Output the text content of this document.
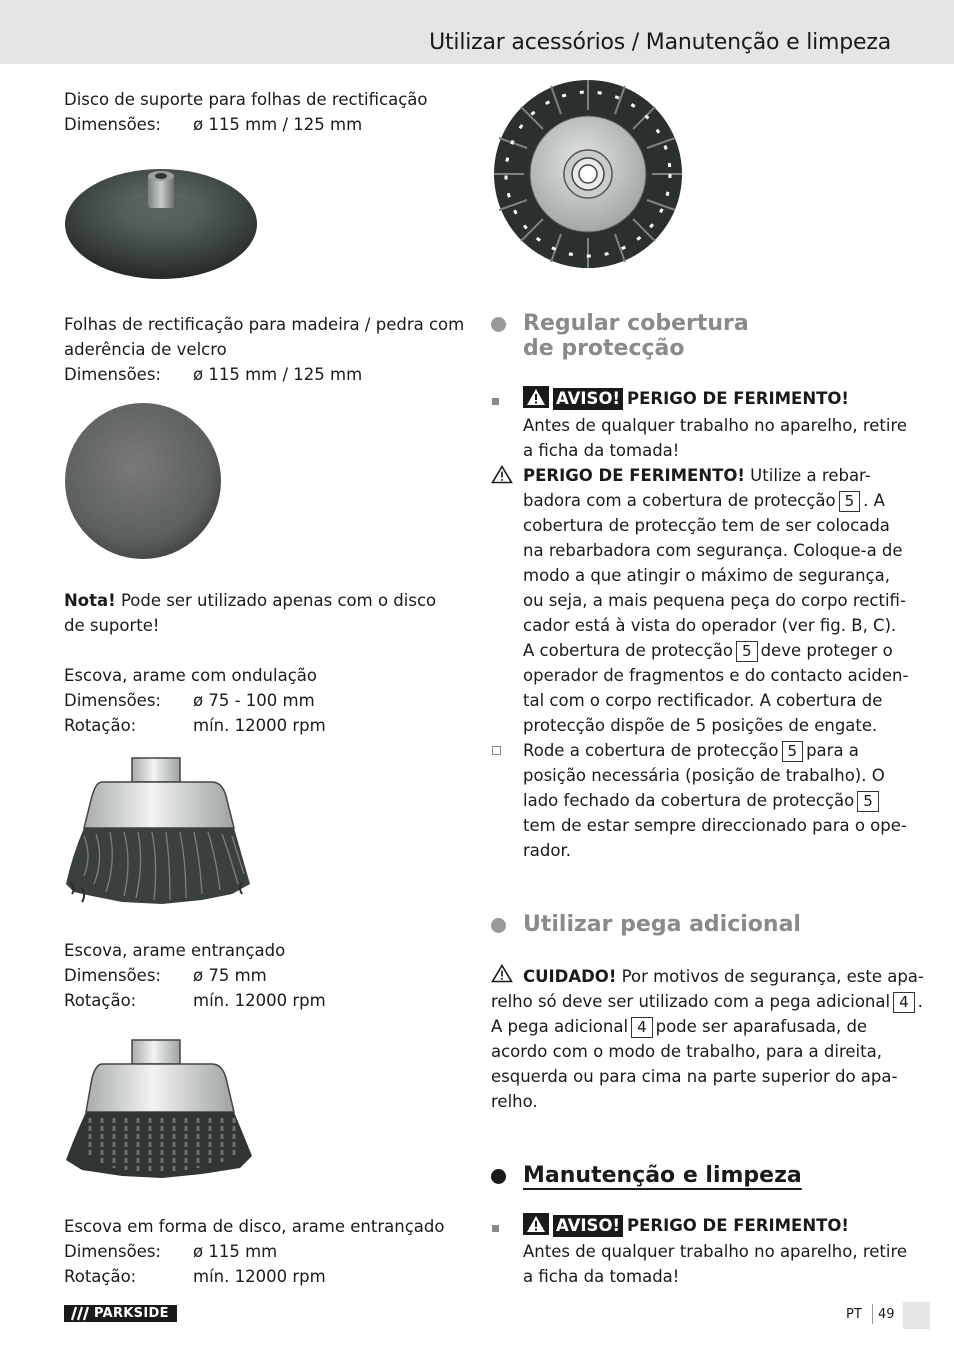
Utilizar acessórios / Manutenção e limpeza
Disco de suporte para folhas de rectificação
Dimensões: ø 115 mm / 125 mm
Folhas de rectificação para madeira / pedra com
aderência de velcro
Dimensões: ø 115 mm / 125 mm
Nota! Pode ser utilizado apenas com o disco
de suporte!
Escova, arame com ondulação
Dimensões: ø 75 - 100 mm
Rotação:	mín. 12000 rpm
Escova, arame entrançado
Dimensões: ø 75 mm
Rotação:	mín. 12000 rpm
Escova em forma de disco, arame entrançado
Dimensões: ø 115 mm
Rotação:	mín. 12000 rpm
Regular cobertura
de protecção
AVISO! PERIGO DE FERIMENTO!
Antes de qualquer trabalho no aparelho, retire
a ficha da tomada!
PERIGO DE FERIMENTO! Utilize a rebar-
badora com a cobertura de protecção 5 . A
cobertura de protecção tem de ser colocada
na rebarbadora com segurança. Coloque-a de
modo a que atingir o máximo de segurança,
ou seja, a mais pequena peça do corpo rectifi-
cador está à vista do operador (ver fig. B, C).
A cobertura de protecção 5 deve proteger o
operador de fragmentos e do contacto aciden-
tal com o corpo rectificador. A cobertura de
protecção dispõe de 5 posições de engate.
Rode a cobertura de protecção 5 para a
posição necessária (posição de trabalho). O
lado fechado da cobertura de protecção 5
tem de estar sempre direccionado para o ope-
rador.
Utilizar pega adicional
CUIDADO! Por motivos de segurança, este apa-
relho só deve ser utilizado com a pega adicional 4 .
A pega adicional 4 pode ser aparafusada, de
acordo com o modo de trabalho, para a direita,
esquerda ou para cima na parte superior do apa-
relho.
Manutenção e limpeza
AVISO! PERIGO DE FERIMENTO!
Antes de qualquer trabalho no aparelho, retire
a ficha da tomada!
PARKSIDE	PT 49
